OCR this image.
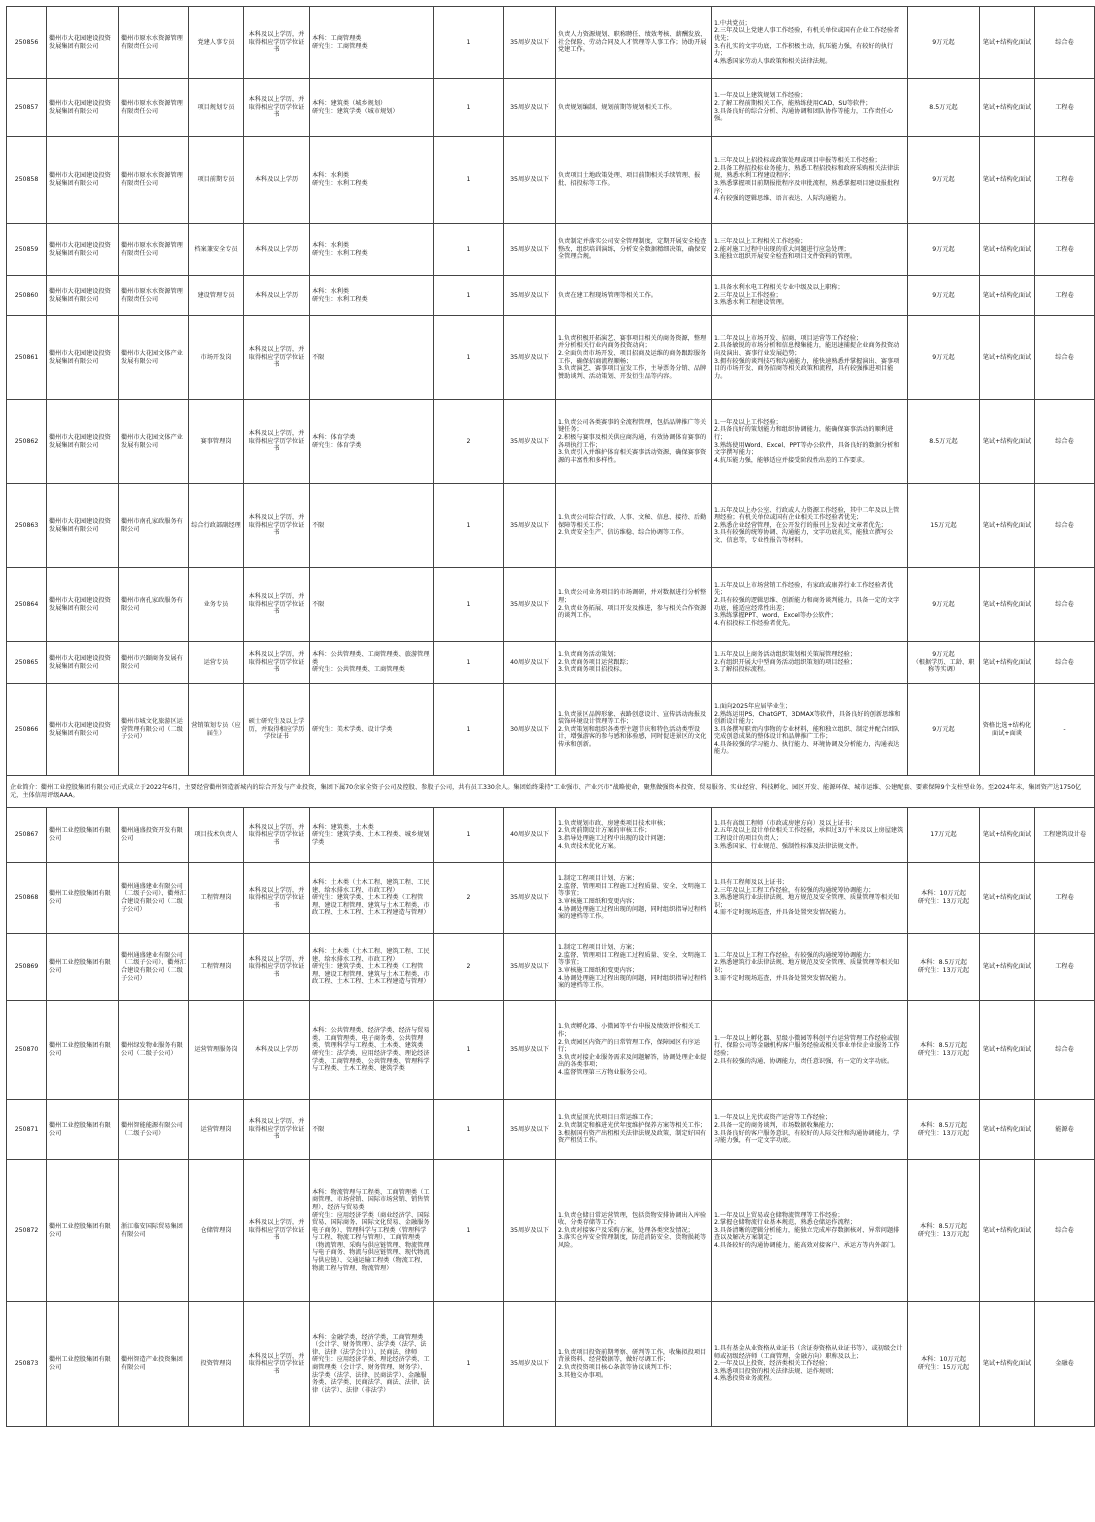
250856	衢州市大花园建设投资发展集团有限公司	衢州市原水水资源管理有限责任公司	党建人事专员	本科及以上学历，并取得相应学历学位证书	本科：工商管理类
研究生：工商管理类	1	35周岁及以下	负责人力资源规划、职称聘任、绩效考核、薪酬发放、社会保险、劳动合同及人才管理等人事工作；协助开展党建工作。	1.中共党员；
2.三年及以上党建人事工作经验，有机关单位或国有企业工作经验者优先；
3.有扎实的文字功底，工作积极主动，抗压能力强，有较好的执行力；
4.熟悉国家劳动人事政策和相关法律法规。	9万元起	笔试+结构化面试	综合卷
250857	衢州市大花园建设投资发展集团有限公司	衢州市原水水资源管理有限责任公司	项目规划专员	本科及以上学历，并取得相应学历学位证书	本科：建筑类（城乡规划）
研究生：建筑学类（城市规划）	1	35周岁及以下	负责规划编制、规划前期等规划相关工作。	1.一年及以上建筑规划工作经验；
2.了解工程前期相关工作，能熟练使用CAD、SU等软件；
3.具备良好的综合分析、沟通协调和团队协作等能力，工作责任心强。	8.5万元起	笔试+结构化面试	工程卷
250858	衢州市大花园建设投资发展集团有限公司	衢州市原水水资源管理有限责任公司	项目前期专员	本科及以上学历	本科：水利类
研究生：水利工程类	1	35周岁及以下	负责项目土地政策处理、项目前期相关手续管理、报批、招投标等工作。	1.三年及以上招投标或政策处理或项目申报等相关工作经验；
2.具备工程招投标业务能力，熟悉工程招投标和政府采购相关法律法规，熟悉水利工程建设程序；
3.熟悉掌握项目前期报批程序及审批流程，熟悉掌握项目建设报批程序；
4.有较强的逻辑思维、语言表达、人际沟通能力。	9万元起	笔试+结构化面试	工程卷
250859	衢州市大花园建设投资发展集团有限公司	衢州市原水水资源管理有限责任公司	档案兼安全专员	本科及以上学历	本科：水利类
研究生：水利工程类	1	35周岁及以下	负责制定并落实公司安全管理制度，定期开展安全检查整改，组织培训演练，分析安全数据精细决策，确保安全管理合规。	1.三年及以上工程相关工作经验；
2.能对施工过程中出现的重大问题进行应急处理；
3.能独立组织开展安全检查和项目文件资料的管理。	9万元起	笔试+结构化面试	工程卷
250860	衢州市大花园建设投资发展集团有限公司	衢州市原水水资源管理有限责任公司	建设管理专员	本科及以上学历	本科：水利类
研究生：水利工程类	1	35周岁及以下	负责在建工程现场管理等相关工作。	1.具备水利水电工程相关专业中级及以上职称；
2.三年及以上工作经验；
3.熟悉水利工程建设管理。	9万元起	笔试+结构化面试	工程卷
250861	衢州市大花园建设投资发展集团有限公司	衢州市大花园文体产业发展有限公司	市场开发岗	本科及以上学历，并取得相应学历学位证书	不限	1	35周岁及以下	1.负责积极开拓演艺、赛事项目相关的商务资源，整理并分析相关行业内商务投资动向；
2.全面负责市场开发、项目招商及运维的商务跟踪服务工作，确保招商流程顺畅；
3.负责演艺、赛事项目宣发工作，主导票务分销、品牌赞助谈判、活动策划、开发衍生品等内容。	1.二年及以上市场开发、招商、项目运营等工作经验；
2.具备敏锐的市场分析和信息搜集能力，能迅速捕捉企业商务投资动向及演出、赛事行业发展趋势；
3.拥有较强的谈判技巧和沟通能力，能快速熟悉并掌握演出、赛事项目的市场开发、商务招商等相关政策和流程，具有较强推进项目能力。	9万元起	笔试+结构化面试	综合卷
250862	衢州市大花园建设投资发展集团有限公司	衢州市大花园文体产业发展有限公司	赛事管理岗	本科及以上学历，并取得相应学历学位证书	本科：体育学类
研究生：体育学类	2	35周岁及以下	1.负责公司各类赛事的全流程管理，包括品牌推广等关键任务；
2.积极与赛事及相关供应商沟通，有效协调体育赛事的各项执行工作；
3.负责引入并维护体育相关赛事活动资源，确保赛事资源的丰富性和多样性。	1.一年及以上工作经验；
2.具备良好的策划能力和组织协调能力，能确保赛事活动的顺利进行；
3.熟练使用Word、Excel、PPT等办公软件，具备良好的数据分析和文字撰写能力；
4.抗压能力强，能够适应并接受阶段性出差的工作要求。	8.5万元起	笔试+结构化面试	综合卷
250863	衢州市大花园建设投资发展集团有限公司	衢州市南孔家政服务有限公司	综合行政部副经理	本科及以上学历，并取得相应学历学位证书	不限	1	35周岁及以下	1.负责公司综合行政、人事、文秘、信息、接待、后勤保障等相关工作；
2.负责安全生产、信访维稳、综合协调等工作。	1.五年及以上办公室、行政或人力资源工作经验，其中二年及以上管理经验；有机关单位或国有企业相关工作经验者优先；
2.熟悉企业经营管理，在公开发行的报刊上发表过文章者优先；
3.具有较强的统筹协调、沟通能力，文字功底扎实，能独立撰写公文、信息等，专业性报告等材料。	15万元起	笔试+结构化面试	综合卷
250864	衢州市大花园建设投资发展集团有限公司	衢州市南孔家政服务有限公司	业务专员	本科及以上学历，并取得相应学历学位证书	不限	1	35周岁及以下	1.负责公司业务项目的市场调研，并对数据进行分析整理；
2.负责业务拓展、项目开发及推进，参与相关合作资源的谈判工作。	1.五年及以上市场营销工作经验，有家政或康养行业工作经验者优先；
2.具有较强的逻辑思维、创新能力和商务谈判能力，具备一定的文字功底，能适应经常性出差；
3.熟练掌握PPT、word、Excel等办公软件；
4.有招投标工作经验者优先。	9万元起	笔试+结构化面试	综合卷
250865	衢州市大花园建设投资发展集团有限公司	衢州市兴颐商务发展有限公司	运营专员	本科及以上学历，并取得相应学历学位证书	本科：公共管理类、工商管理类、旅游管理类
研究生：公共管理类、工商管理类	1	40周岁及以下	1.负责商务活动策划；
2.负责商务项目运营跟踪；
3.负责商务项目招投标。	1.五年及以上商务活动组织策划相关策展管理经验；
2.有组织开展大中型商务活动组织策划的项目经验；
3.了解招投标流程。	9万元起
（根据学历、工龄、职称等实调）	笔试+结构化面试	综合卷
250866	衢州市大花园建设投资发展集团有限公司	衢州市城文化旅游区运营管理有限公司（二级子公司）	营销策划专员（应届生）	硕士研究生及以上学历，并取得相应学历学位证书	研究生：美术学类、设计学类	1	30周岁及以下	1.负责景区品牌形象、表路创意设计、宣传活动海报及装饰环境设计管理等工作；
2.负责策划和组织各类型主题节庆和特色活动类型设计，增强游客的参与感和体验感，同时促进景区的文化传承和创新。	1.面向2025年应届毕业生；
2.熟练运用PS、ChatGPT、3DMAX等软件，具备良好的创新思维和创新设计能力；
3.具备撰写职责内事物的专业材料，能和独立组织、制定并配合团队完成创意成果的整体设计和品牌推广工作；
4.具备较强的学习能力、执行能力、环境协调及分析能力，沟通表达能力。	9万元起	资格比选+结构化面试+面谈	-
企业简介：衢州工业控股集团有限公司正式成立于2022年6月，主要经营衢州智造新城内的综合开发与产业投资，集团下属70余家全资子公司及控股、参股子公司，共有员工330余人。集团始终秉持“工业强市、产业兴市”战略使命，聚焦做强资本投资、贸易服务、实业经营、科技孵化、园区开发、能源环保、城市运维、公建配套、要素保障9个支柱型业务。至2024年末，集团资产达1750亿元，主体信用评级AAA。												
250867	衢州工业控股集团有限公司	衢州通盛投资开发有限公司	项目技术负责人	本科及以上学历，并取得相应学历学位证书	本科：建筑类、土木类
研究生：建筑学类、土木工程类、城乡规划学类	1	40周岁及以下	1.负责规划市政、房建类项目技术审核；
2.负责前期设计方案的审核工作；
3.指导处理施工过程中出现的设计问题；
4.负责技术优化方案。	1.具有高级工程师（市政或房建方向）及以上证书；
2.五年及以上设计单位相关工作经验，承担过3万平米及以上房屋建筑工程设计的项目负责人；
3.熟悉国家、行业规范、强制性标准及法律法规文件。	17万元起	笔试+结构化面试	工程建筑设计卷
250868	衢州工业控股集团有限公司	衢州通盛建业有限公司（二级子公司）、衢州汇合建设有限公司（二级子公司）	工程管理岗	本科及以上学历，并取得相应学历学位证书	本科：土木类（土木工程、建筑工程、工民建、给水排水工程、市政工程）
研究生：建筑学类、土木工程类（工程管理、建设工程管理、建筑与土木工程类、市政工程、土木工程、土木工程建造与管理）	2	35周岁及以下	1.制定工程项目计划、方案；
2.监督、管理项目工程施工过程质量、安全、文明施工等事宜；
3.审核施工图纸和变更内容；
4.协调处理施工过程出现的问题，同时组织指导过程档案的建档等工作。	1.具有工程师及以上证书；
2.三年及以上工程工作经验，有较强的沟通统筹协调能力；
3.熟悉建筑行业法律法规、地方规范及安全管理、质量管理等相关知识；
4.需不定时现场巡查，并具备处置突发情况能力。	本科：10万元起
研究生：13万元起	笔试+结构化面试	工程卷
250869	衢州工业控股集团有限公司	衢州通盛建业有限公司（二级子公司）、衢州汇合建设有限公司（二级子公司）	工程管理岗	本科及以上学历，并取得相应学历学位证书	本科：土木类（土木工程、建筑工程、工民建、给水排水工程、市政工程）
研究生：建筑学类、土木工程类（工程管理、建设工程管理、建筑与土木工程类、市政工程、土木工程、土木工程建造与管理）	2	35周岁及以下	1.制定工程项目计划、方案；
2.监督、管理项目工程施工过程质量、安全、文明施工等事宜；
3.审核施工图纸和变更内容；
4.协调处理施工过程出现的问题，同时组织指导过程档案的建档等工作。	1.二年及以上工程工作经验，有较强的沟通统筹协调能力；
2.熟悉建筑行业法律法规、地方规范及安全管理、质量管理等相关知识；
3.需不定时现场巡查，并具备处置突发情况能力。	本科：8.5万元起
研究生：13万元起	笔试+结构化面试	工程卷
250870	衢州工业控股集团有限公司	衢州绿发物业服务有限公司（二级子公司）	运营管理服务岗	本科及以上学历	本科：公共管理类、经济学类、经济与贸易类、工商管理类、电子商务类、公共管理类、管理科学与工程类、土木类、建筑类
研究生：法学类、应用经济学类、理论经济学类、工商管理类、公共管理类、管理科学与工程类、土木工程类、建筑学类	1	35周岁及以下	1.负责孵化器、小微园等平台申报及绩效评价相关工作；
2.负责园区内资产的日常管理工作，保障园区有序运行；
3.负责对接企业服务需求及问题解答，协调处理企业提出的各类事项；
4.监督管理第三方物业服务公司。	1.一年及以上孵化器、星级小微园等科创平台运营管理工作经验或银行、保险公司等金融机构客户服务经验或相关事业单位企业服务工作经验；
2.具有较强的沟通、协调能力，责任意识强，有一定的文字功底。	本科：8.5万元起
研究生：13万元起	笔试+结构化面试	综合卷
250871	衢州工业控股集团有限公司	衢州智能能源有限公司（二级子公司）	运营管理岗	本科及以上学历，并取得相应学历学位证书	不限	1	35周岁及以下	1.负责屋顶光伏项目日常运维工作；
2.负责制定和推进光伏年度维护保养方案等相关工作；
3.根据国有资产出租相关法律法规及政策，制定好国有资产租赁工作。	1.一年及以上光伏或资产运营等工作经验；
2.具备一定的商务谈判，市场数据收集能力；
3.具备良好的客户服务意识，有较好的人际交往和沟通协调能力，学习能力强，有一定文字功底。	本科：8.5万元起
研究生：13万元起	笔试+结构化面试	能源卷
250872	衢州工业控股集团有限公司	浙江临安国际贸易集团有限公司	仓储管理岗	本科及以上学历，并取得相应学历学位证书	本科：物流管理与工程类、工商管理类（工商管理、市场营销、国际市场营销、销售管理）、经济与贸易类
研究生：应用经济学类（商业经济学、国际贸易、国际商务、国际文化贸易、金融服务电子商务）、管理科学与工程类（管理科学与工程、物流工程与管理）、工商管理类（物流管理、采购与供应链管理、物流管理与电子商务、物流与供应链管理、现代物流与供应链）、交通运输工程类（物流工程、物流工程与管理、物流管理）	1	35周岁及以下	1.负责仓储日常运营管理，包括货物安排协调出入库验收、分类存储等工作；
2.负责对接客户及采购方案，处理各类突发情况；
3.落实仓库安全管理制度，防范消防安全、货物损耗等风险。	1.一年及以上贸易或仓储物流管理等工作经验；
2.掌握仓储物流行业基本规范，熟悉仓储运作流程；
3.具备清晰的逻辑分析能力，能独立完成库存数据核对、异常问题排查以及解决方案制定；
4.具备较好的沟通协调能力，能高效对接客户、承运方等内外部门。	本科：8.5万元起
研究生：13万元起	笔试+结构化面试	综合卷
250873	衢州工业控股集团有限公司	衢州智造产业投资集团有限公司	投资管理岗	本科及以上学历，并取得相应学历学位证书	本科：金融学类、经济学类、工商管理类（会计学、财务管理）、法学类（法学、法律、法律（法学会计））、民商法、律师
研究生：应用经济学类、理论经济学类、工商管理类（会计学、财务管理、财务学）、法学类（法学、法律、民商法学）、金融服务类、法学类、民商法学、商法、法律、法律（法学）、法律（非法学）	1	35周岁及以下	1.负责项目投资前期考察、研判等工作，收集拟投项目背景资料、经营数据等，做好尽调工作；
2.负责投资项目核心条款等协议谈判工作；
3.其他交办事项。	1.具有基金从业资格从业证书（含证券资格从业证书等）、或初级会计师或初级经济师（工商管理、金融方向）职称及以上；
2.一年及以上投资、经济类相关工作经验；
3.熟悉项目投资的相关法律法规、运作规则；
4.熟悉投资业务流程。	本科：10万元起
研究生：15万元起	笔试+结构化面试	金融卷
